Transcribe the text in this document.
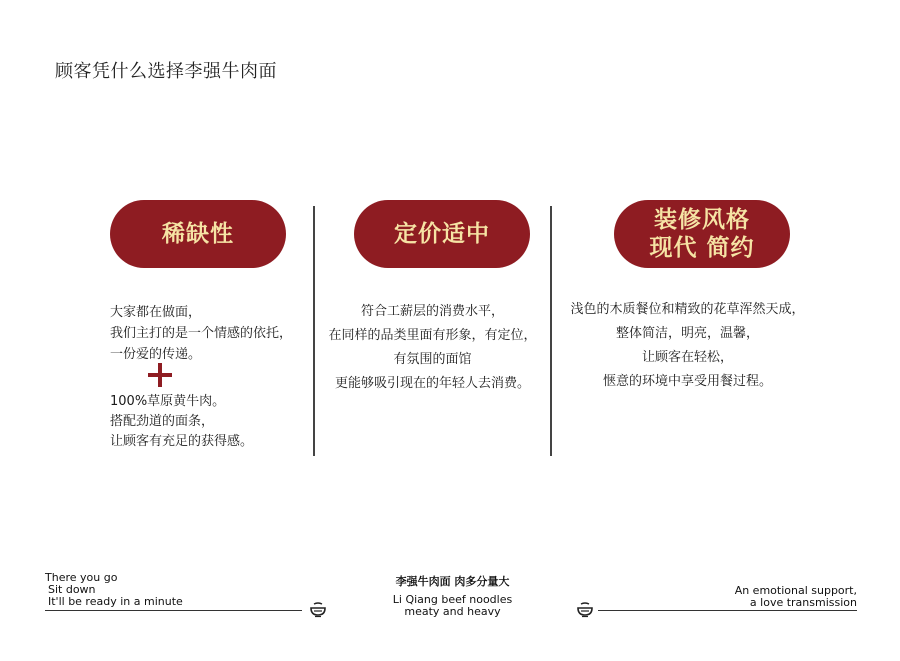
顾客凭什么选择李强牛肉面
稀缺性	定价适中
装修风格
现代 简约
大家都在做面，
我们主打的是一个情感的依托，
一份爱的传递。
100%草原黄牛肉。
搭配劲道的面条，
让顾客有充足的获得感。
符合工薪层的消费水平，
在同样的品类里面有形象，有定位，
有氛围的面馆
更能够吸引现在的年轻人去消费。
浅色的木质餐位和精致的花草浑然天成，
整体简洁，明亮，温馨，
让顾客在轻松，
惬意的环境中享受用餐过程。
There you go
Sit down
It'll be ready in a minute
李强牛肉面 肉多分量大
Li Qiang beef noodles
meaty and heavy
An emotional support,
a love transmission
